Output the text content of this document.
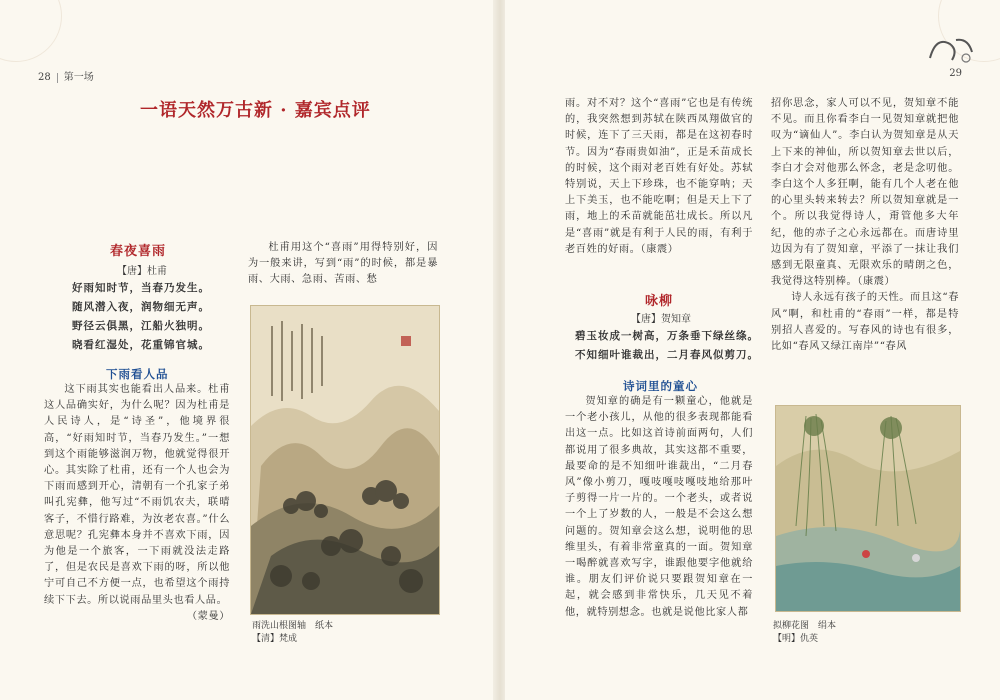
28 第一场
一语天然万古新 · 嘉宾点评
春夜喜雨
【唐】杜甫
好雨知时节，当春乃发生。
随风潜入夜，润物细无声。
野径云俱黑，江船火独明。
晓看红湿处，花重锦官城。
下雨看人品

这下雨其实也能看出人品来。杜甫这人品确实好，为什么呢？因为杜甫是人民诗人，是“诗圣”，他境界很高，“好雨知时节，当春乃发生。”一想到这个雨能够滋润万物，他就觉得很开心。其实除了杜甫，还有一个人也会为下雨而感到开心，清朝有一个孔家子弟叫孔宪彝，他写过“不雨饥农夫，联晴客子，不惜行路难，为汝老农喜。”什么意思呢？孔宪彝本身并不喜欢下雨，因为他是一个旅客，一下雨就没法走路了，但是农民是喜欢下雨的呀，所以他宁可自己不方便一点，也希望这个雨持续下下去。所以说雨品里头也看人品。

（蒙曼）

杜甫用这个“喜雨”用得特别好，因为一般来讲，写到“雨”的时候，都是暴雨、大雨、急雨、苦雨、愁

雨洗山根图轴　纸本
【清】梵成
29

雨。对不对？这个“喜雨”它也是有传统的，我突然想到苏轼在陕西凤翔做官的时候，连下了三天雨，都是在这初春时节。因为“春雨贵如油”，正是禾苗成长的时候，这个雨对老百姓有好处。苏轼特别说，天上下珍珠，也不能穿呐；天上下美玉，也不能吃啊；但是天上下了雨，地上的禾苗就能茁壮成长。所以凡是“喜雨”就是有利于人民的雨，有利于老百姓的好雨。（康震）

咏柳
【唐】贺知章
碧玉妆成一树高，万条垂下绿丝绦。
不知细叶谁裁出，二月春风似剪刀。
诗词里的童心

贺知章的确是有一颗童心，他就是一个老小孩儿，从他的很多表现都能看出这一点。比如这首诗前面两句，人们都说用了很多典故，其实这都不重要，最要命的是不知细叶谁裁出，“二月春风”像小剪刀，嘎吱嘎吱嘎吱地给那叶子剪得一片一片的。一个老头，或者说一个上了岁数的人，一般是不会这么想问题的。贺知章会这么想，说明他的思维里头，有着非常童真的一面。贺知章一喝醉就喜欢写字，谁跟他要字他就给谁。朋友们评价说只要跟贺知章在一起，就会感到非常快乐，几天见不着他，就特别想念。也就是说他比家人都

招你思念，家人可以不见，贺知章不能不见。而且你看李白一见贺知章就把他叹为“谪仙人”。李白认为贺知章是从天上下来的神仙，所以贺知章去世以后，李白才会对他那么怀念，老是念叨他。李白这个人多狂啊，能有几个人老在他的心里头转来转去？所以贺知章就是一个。所以我觉得诗人，甭管他多大年纪，他的赤子之心永远都在。而唐诗里边因为有了贺知章，平添了一抹让我们感到无限童真、无限欢乐的晴朗之色，我觉得这特别棒。（康震）

诗人永远有孩子的天性。而且这“春风”啊，和杜甫的“春雨”一样，都是特别招人喜爱的。写春风的诗也有很多，比如“春风又绿江南岸”“春风

拟柳花图　绢本
【明】仇英
